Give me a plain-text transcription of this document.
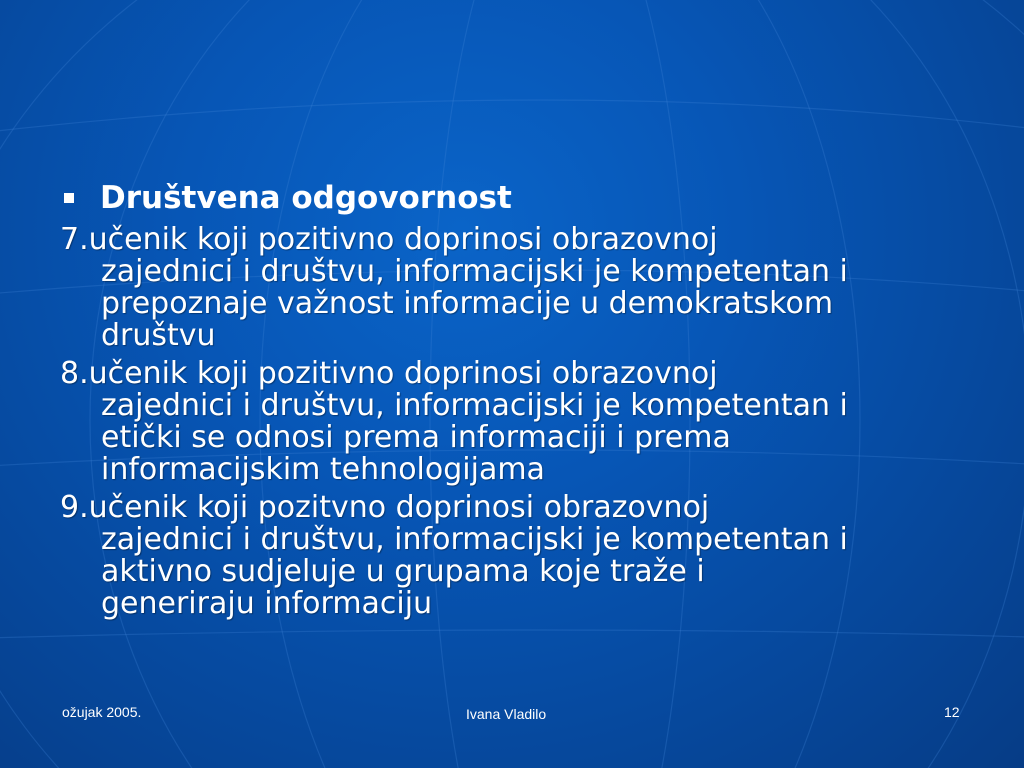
Društvena odgovornost
7.učenik koji pozitivno doprinosi obrazovnoj
zajednici i društvu, informacijski je kompetentan i
prepoznaje važnost informacije u demokratskom
društvu
8.učenik koji pozitivno doprinosi obrazovnoj
zajednici i društvu, informacijski je kompetentan i
etički se odnosi prema informaciji i prema
informacijskim tehnologijama
9.učenik koji pozitvno doprinosi obrazovnoj
zajednici i društvu, informacijski je kompetentan i
aktivno sudjeluje u grupama koje traže i
generiraju informaciju
ožujak 2005.	Ivana Vladilo	12
